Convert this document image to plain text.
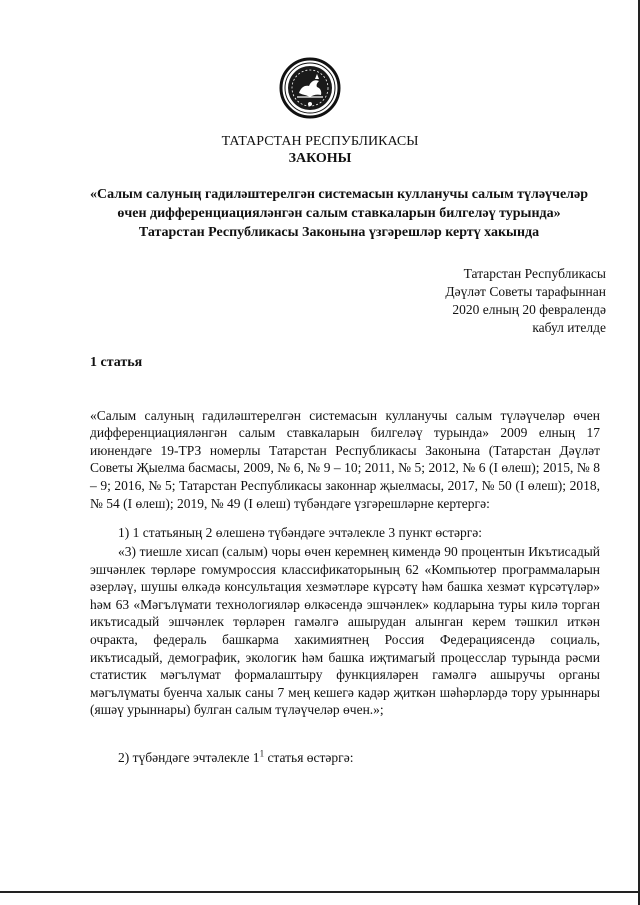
ТАТАРСТАН РЕСПУБЛИКАСЫ
ЗАКОНЫ

«Салым салуның гадиләштерелгән системасын кулланучы салым түләүчеләр өчен дифференциацияләнгән салым ставкаларын билгеләү турында» Татарстан Республикасы Законына үзгәрешләр кертү хакында

Татарстан Республикасы
Дәүләт Советы тарафыннан
2020 елның 20 февралендә
кабул ителде
1 статья

«Салым салуның гадиләштерелгән системасын кулланучы салым түләүчеләр өчен дифференциацияләнгән салым ставкаларын билгеләү турында» 2009 елның 17 июнендәге 19-ТРЗ номерлы Татарстан Республикасы Законына (Татарстан Дәүләт Советы Җыелма басмасы, 2009, № 6, № 9 – 10; 2011, № 5; 2012, № 6 (I өлеш); 2015, № 8 – 9; 2016, № 5; Татарстан Республикасы законнар җыелмасы, 2017, № 50 (I өлеш); 2018, № 54 (I өлеш); 2019, № 49 (I өлеш) түбәндәге үзгәрешләрне кертергә:

1) 1 статьяның 2 өлешенә түбәндәге эчтәлекле 3 пункт өстәргә:

«3) тиешле хисап (салым) чоры өчен керемнең кимендә 90 процентын Икътисадый эшчәнлек төрләре гомумроссия классификаторының 62 «Компьютер программаларын әзерләү, шушы өлкәдә консультация хезмәтләре күрсәтү һәм башка хезмәт күрсәтүләр» һәм 63 «Мәгълүмати технологияләр өлкәсендә эшчәнлек» кодларына туры килә торган икътисадый эшчәнлек төрләрен гамәлгә ашырудан алынган керем тәшкил иткән очракта, федераль башкарма хакимиятнең Россия Федерациясендә социаль, икътисадый, демографик, экологик һәм башка иҗтимагый процесслар турында рәсми статистик мәгълүмат формалаштыру функцияләрен гамәлгә ашыручы органы мәгълүматы буенча халык саны 7 мең кешегә кадәр җиткән шәһәрләрдә тору урыннары (яшәү урыннары) булган салым түләүчеләр өчен.»;

2) түбәндәге эчтәлекле $1^1$ статья өстәргә:
